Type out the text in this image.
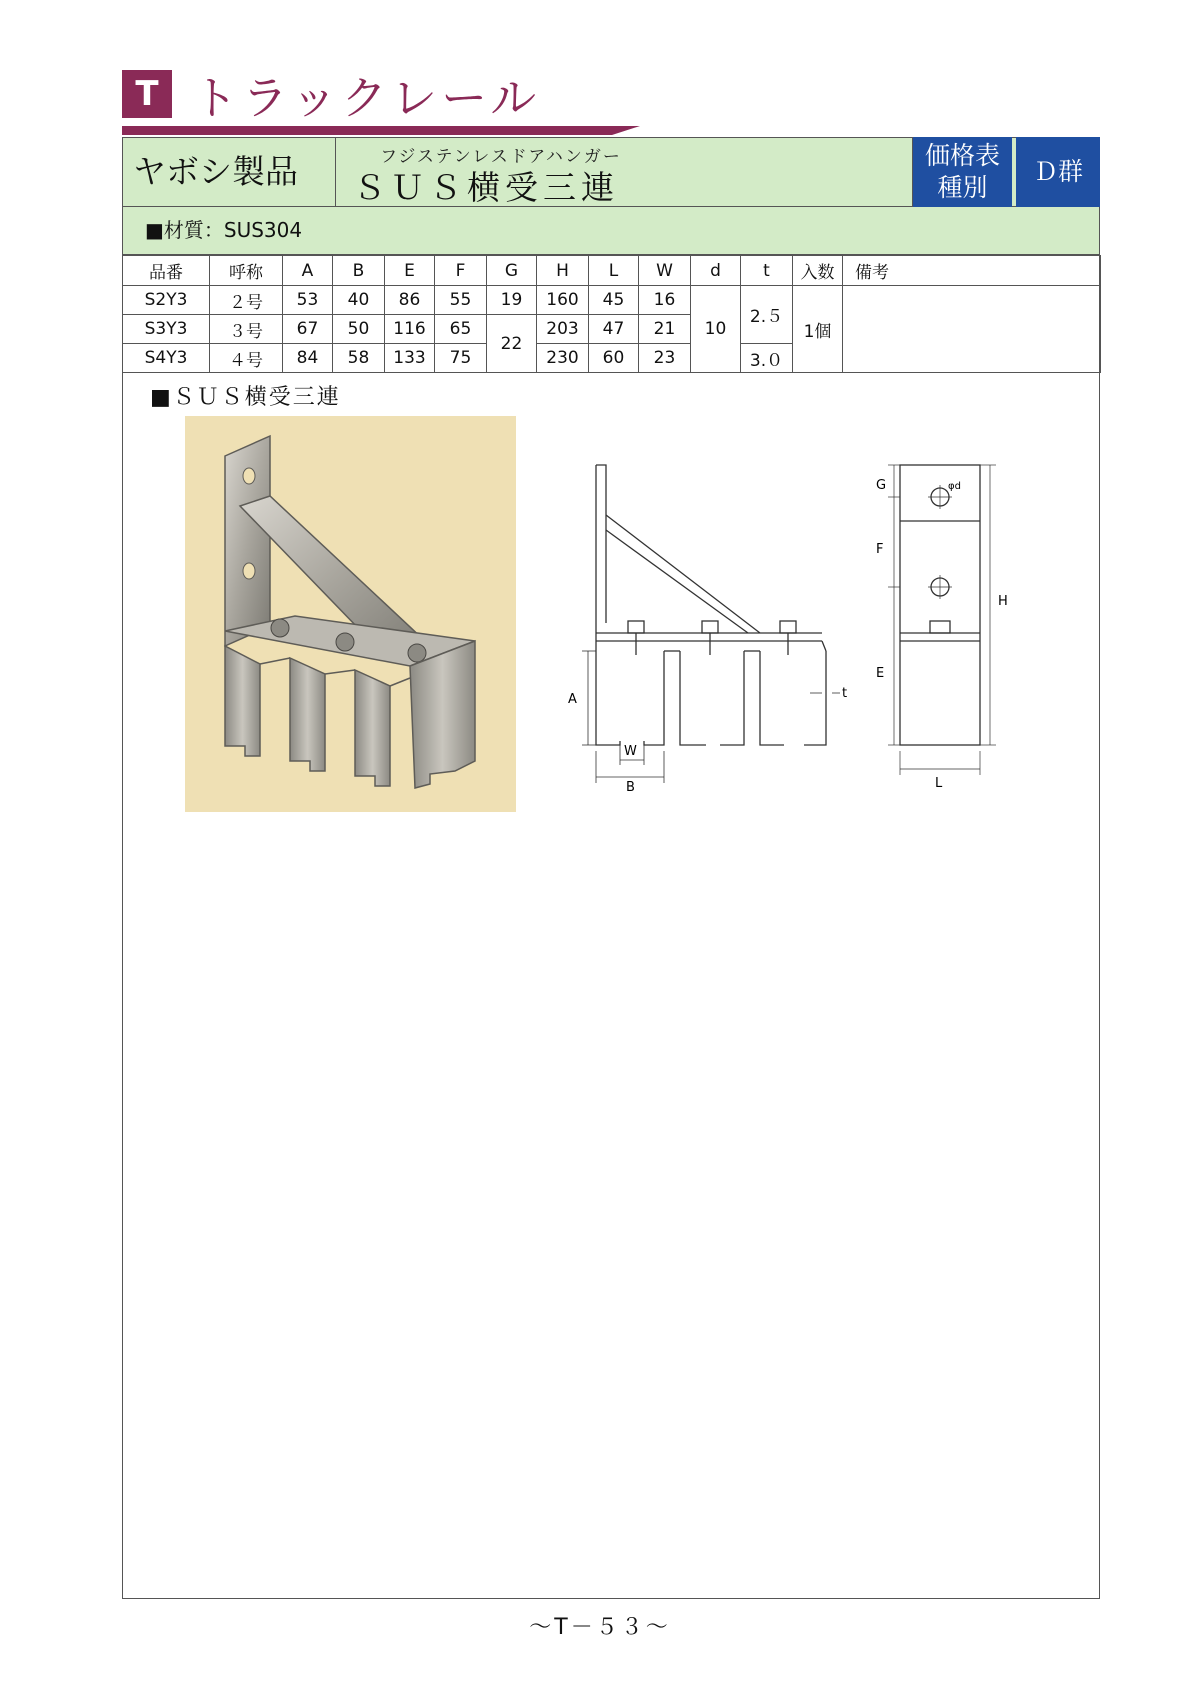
T トラックレール
ヤボシ製品	フジステンレスドアハンガー
ＳＵＳ横受三連
価格表
種別
Ｄ群
■材質：SUS304
品番	呼称	A	B	E	F	G	H	L	W	d	t	入数	備考
S2Y3	２号	53	40	86	55	19	160	45	16	10	2.５	1個	
S3Y3	３号	67	50	116	65	22	203	47	21				
S4Y3	４号	84	58	133	75		230	60	23		3.０		
■ＳＵＳ横受三連
A
W
B
t
G
F
E
H
L
φd
～T－５３～
